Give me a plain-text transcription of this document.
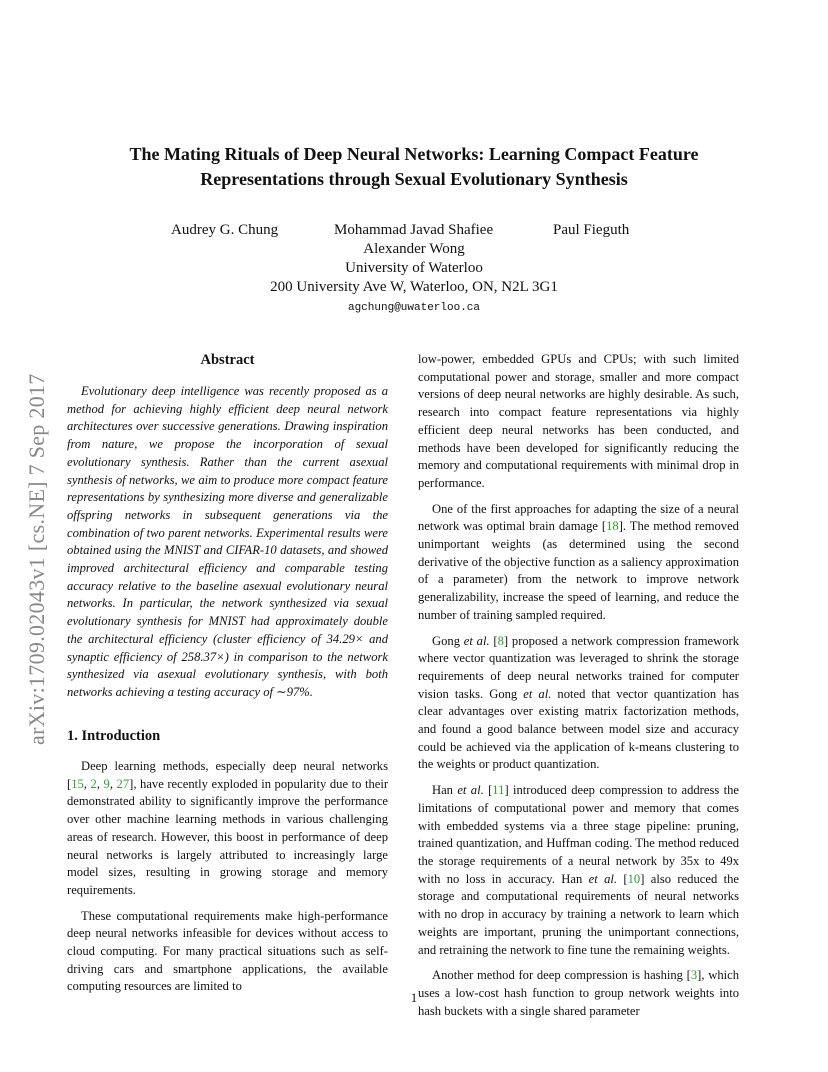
arXiv:1709.02043v1 [cs.NE] 7 Sep 2017
The Mating Rituals of Deep Neural Networks: Learning Compact Feature
Representations through Sexual Evolutionary Synthesis
Audrey G. Chung	Mohammad Javad Shafiee	Paul Fieguth
Alexander Wong
University of Waterloo
200 University Ave W, Waterloo, ON, N2L 3G1
agchung@uwaterloo.ca
Abstract

Evolutionary deep intelligence was recently proposed as a method for achieving highly efficient deep neural network architectures over successive generations. Drawing inspiration from nature, we propose the incorporation of sexual evolutionary synthesis. Rather than the current asexual synthesis of networks, we aim to produce more compact feature representations by synthesizing more diverse and generalizable offspring networks in subsequent generations via the combination of two parent networks. Experimental results were obtained using the MNIST and CIFAR-10 datasets, and showed improved architectural efficiency and comparable testing accuracy relative to the baseline asexual evolutionary neural networks. In particular, the network synthesized via sexual evolutionary synthesis for MNIST had approximately double the architectural efficiency (cluster efficiency of 34.29× and synaptic efficiency of 258.37×) in comparison to the network synthesized via asexual evolutionary synthesis, with both networks achieving a testing accuracy of ∼97%.

1. Introduction

Deep learning methods, especially deep neural networks [15, 2, 9, 27], have recently exploded in popularity due to their demonstrated ability to significantly improve the performance over other machine learning methods in various challenging areas of research. However, this boost in performance of deep neural networks is largely attributed to increasingly large model sizes, resulting in growing storage and memory requirements.

These computational requirements make high-performance deep neural networks infeasible for devices without access to cloud computing. For many practical situations such as self-driving cars and smartphone applications, the available computing resources are limited to

low-power, embedded GPUs and CPUs; with such limited computational power and storage, smaller and more compact versions of deep neural networks are highly desirable. As such, research into compact feature representations via highly efficient deep neural networks has been conducted, and methods have been developed for significantly reducing the memory and computational requirements with minimal drop in performance.

One of the first approaches for adapting the size of a neural network was optimal brain damage [18]. The method removed unimportant weights (as determined using the second derivative of the objective function as a saliency approximation of a parameter) from the network to improve network generalizability, increase the speed of learning, and reduce the number of training sampled required.

Gong et al. [8] proposed a network compression framework where vector quantization was leveraged to shrink the storage requirements of deep neural networks trained for computer vision tasks. Gong et al. noted that vector quantization has clear advantages over existing matrix factorization methods, and found a good balance between model size and accuracy could be achieved via the application of k-means clustering to the weights or product quantization.

Han et al. [11] introduced deep compression to address the limitations of computational power and memory that comes with embedded systems via a three stage pipeline: pruning, trained quantization, and Huffman coding. The method reduced the storage requirements of a neural network by 35x to 49x with no loss in accuracy. Han et al. [10] also reduced the storage and computational requirements of neural networks with no drop in accuracy by training a network to learn which weights are important, pruning the unimportant connections, and retraining the network to fine tune the remaining weights.

Another method for deep compression is hashing [3], which uses a low-cost hash function to group network weights into hash buckets with a single shared parameter

1
